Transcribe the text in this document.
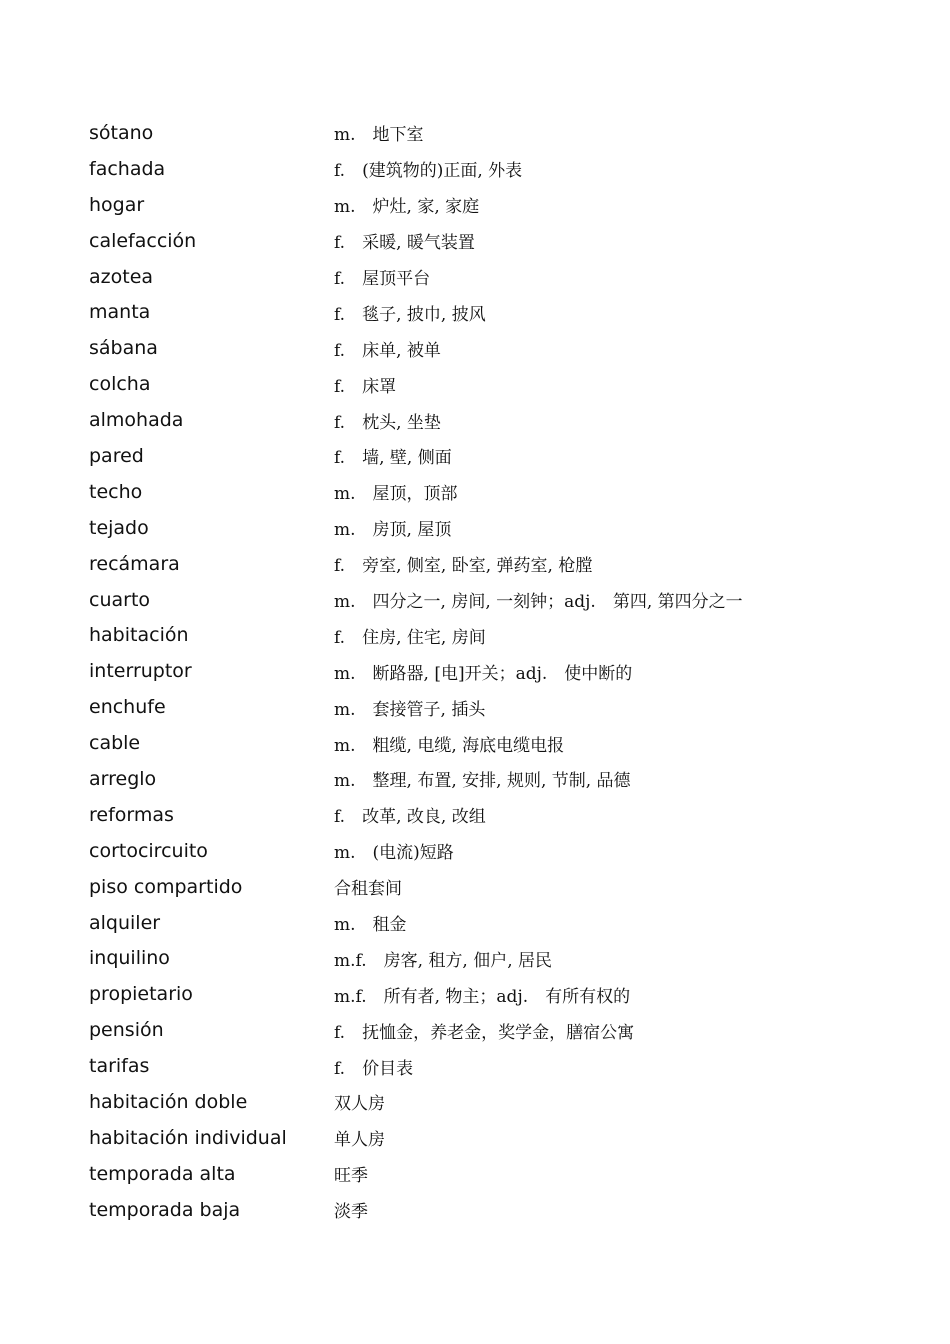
sótano	m.　地下室
fachada	f.　(建筑物的)正面, 外表
hogar	m.　炉灶, 家, 家庭
calefacción	f.　采暖, 暖气装置
azotea	f.　屋顶平台
manta	f.　毯子, 披巾, 披风
sábana	f.　床单, 被单
colcha	f.　床罩
almohada	f.　枕头, 坐垫
pared	f.　墙, 壁, 侧面
techo	m.　屋顶，顶部
tejado	m.　房顶, 屋顶
recámara	f.　旁室, 侧室, 卧室, 弹药室, 枪膛
cuarto	m.　四分之一, 房间, 一刻钟；adj.　第四, 第四分之一
habitación	f.　住房, 住宅, 房间
interruptor	m.　断路器, [电]开关；adj.　使中断的
enchufe	m.　套接管子, 插头
cable	m.　粗缆, 电缆, 海底电缆电报
arreglo	m.　整理, 布置, 安排, 规则, 节制, 品德
reformas	f.　改革, 改良, 改组
cortocircuito	m.　(电流)短路
piso compartido	合租套间
alquiler	m.　租金
inquilino	m.f.　房客, 租方, 佃户, 居民
propietario	m.f.　所有者, 物主；adj.　有所有权的
pensión	f.　抚恤金，养老金，奖学金，膳宿公寓
tarifas	f.　价目表
habitación doble	双人房
habitación individual	单人房
temporada alta	旺季
temporada baja	淡季
